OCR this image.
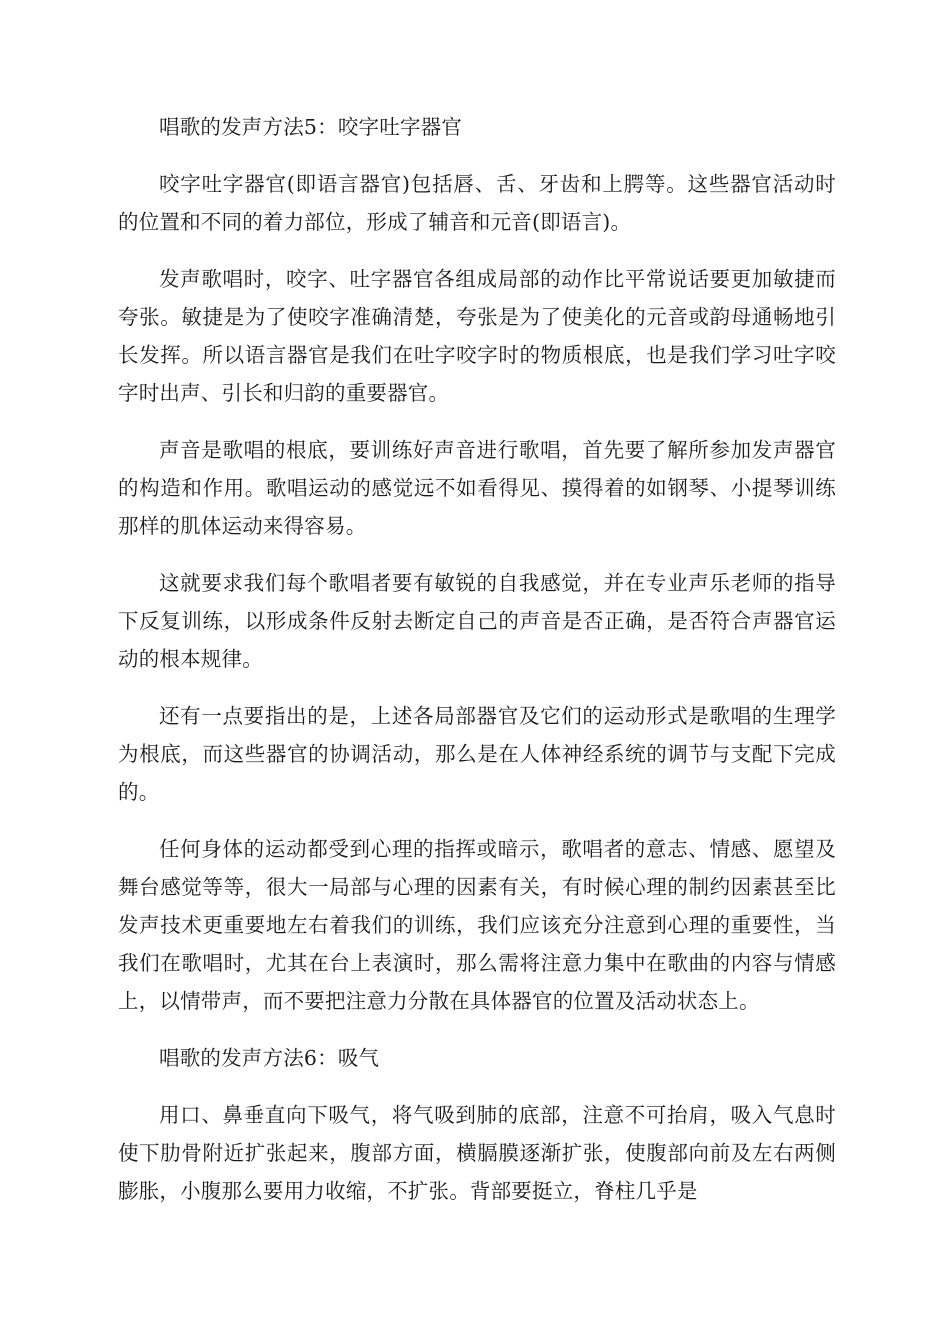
唱歌的发声方法5：咬字吐字器官

咬字吐字器官(即语言器官)包括唇、舌、牙齿和上腭等。这些器官活动时的位置和不同的着力部位，形成了辅音和元音(即语言)。

发声歌唱时，咬字、吐字器官各组成局部的动作比平常说话要更加敏捷而夸张。敏捷是为了使咬字准确清楚，夸张是为了使美化的元音或韵母通畅地引长发挥。所以语言器官是我们在吐字咬字时的物质根底，也是我们学习吐字咬字时出声、引长和归韵的重要器官。

声音是歌唱的根底，要训练好声音进行歌唱，首先要了解所参加发声器官的构造和作用。歌唱运动的感觉远不如看得见、摸得着的如钢琴、小提琴训练那样的肌体运动来得容易。

这就要求我们每个歌唱者要有敏锐的自我感觉，并在专业声乐老师的指导下反复训练，以形成条件反射去断定自己的声音是否正确，是否符合声器官运动的根本规律。

还有一点要指出的是，上述各局部器官及它们的运动形式是歌唱的生理学为根底，而这些器官的协调活动，那么是在人体神经系统的调节与支配下完成的。

任何身体的运动都受到心理的指挥或暗示，歌唱者的意志、情感、愿望及舞台感觉等等，很大一局部与心理的因素有关，有时候心理的制约因素甚至比发声技术更重要地左右着我们的训练，我们应该充分注意到心理的重要性，当我们在歌唱时，尤其在台上表演时，那么需将注意力集中在歌曲的内容与情感上，以情带声，而不要把注意力分散在具体器官的位置及活动状态上。

唱歌的发声方法6：吸气

用口、鼻垂直向下吸气，将气吸到肺的底部，注意不可抬肩，吸入气息时使下肋骨附近扩张起来，腹部方面，横膈膜逐渐扩张，使腹部向前及左右两侧膨胀，小腹那么要用力收缩，不扩张。背部要挺立，脊柱几乎是
